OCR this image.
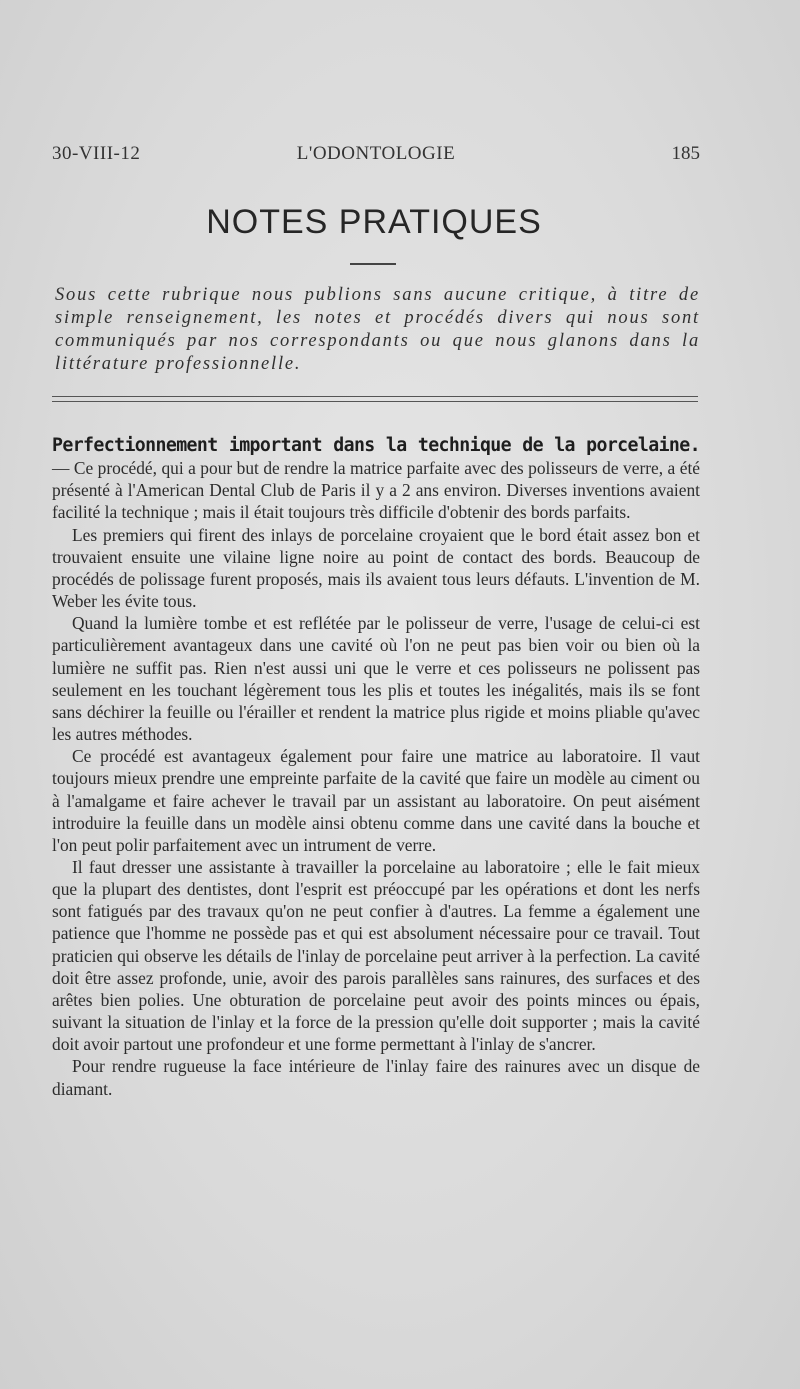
30-VIII-12	L'ODONTOLOGIE	185
NOTES PRATIQUES
Sous cette rubrique nous publions sans aucune critique, à titre de simple renseignement, les notes et procédés divers qui nous sont communiqués par nos correspondants ou que nous glanons dans la littérature professionnelle.

Perfectionnement important dans la technique de la porcelaine. — Ce procédé, qui a pour but de rendre la matrice parfaite avec des polisseurs de verre, a été présenté à l'American Dental Club de Paris il y a 2 ans environ. Diverses inventions avaient facilité la technique ; mais il était toujours très difficile d'obtenir des bords parfaits.

Les premiers qui firent des inlays de porcelaine croyaient que le bord était assez bon et trouvaient ensuite une vilaine ligne noire au point de contact des bords. Beaucoup de procédés de polissage furent proposés, mais ils avaient tous leurs défauts. L'invention de M. Weber les évite tous.

Quand la lumière tombe et est reflétée par le polisseur de verre, l'usage de celui-ci est particulièrement avantageux dans une cavité où l'on ne peut pas bien voir ou bien où la lumière ne suffit pas. Rien n'est aussi uni que le verre et ces polisseurs ne polissent pas seulement en les touchant légèrement tous les plis et toutes les inégalités, mais ils se font sans déchirer la feuille ou l'érailler et rendent la matrice plus rigide et moins pliable qu'avec les autres méthodes.

Ce procédé est avantageux également pour faire une matrice au laboratoire. Il vaut toujours mieux prendre une empreinte parfaite de la cavité que faire un modèle au ciment ou à l'amalgame et faire achever le travail par un assistant au laboratoire. On peut aisément introduire la feuille dans un modèle ainsi obtenu comme dans une cavité dans la bouche et l'on peut polir parfaitement avec un intrument de verre.

Il faut dresser une assistante à travailler la porcelaine au laboratoire ; elle le fait mieux que la plupart des dentistes, dont l'esprit est préoccupé par les opérations et dont les nerfs sont fatigués par des travaux qu'on ne peut confier à d'autres. La femme a également une patience que l'homme ne possède pas et qui est absolument nécessaire pour ce travail. Tout praticien qui observe les détails de l'inlay de porcelaine peut arriver à la perfection. La cavité doit être assez profonde, unie, avoir des parois parallèles sans rainures, des surfaces et des arêtes bien polies. Une obturation de porcelaine peut avoir des points minces ou épais, suivant la situation de l'inlay et la force de la pression qu'elle doit supporter ; mais la cavité doit avoir partout une profondeur et une forme permettant à l'inlay de s'ancrer.

Pour rendre rugueuse la face intérieure de l'inlay faire des rainures avec un disque de diamant.
